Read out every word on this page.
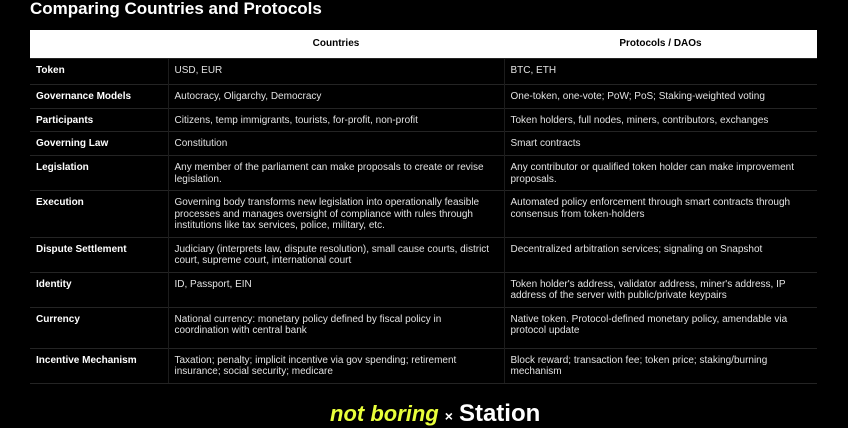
Comparing Countries and Protocols
	Countries	Protocols / DAOs
Token	USD, EUR	BTC, ETH
Governance Models	Autocracy, Oligarchy, Democracy	One-token, one-vote; PoW; PoS; Staking-weighted voting
Participants	Citizens, temp immigrants, tourists, for-profit, non-profit	Token holders, full nodes, miners, contributors, exchanges
Governing Law	Constitution	Smart contracts
Legislation	Any member of the parliament can make proposals to create or revise legislation.	Any contributor or qualified token holder can make improvement proposals.
Execution	Governing body transforms new legislation into operationally feasible processes and manages oversight of compliance with rules through institutions like tax services, police, military, etc.	Automated policy enforcement through smart contracts through consensus from token-holders
Dispute Settlement	Judiciary (interprets law, dispute resolution), small cause courts, district court, supreme court, international court	Decentralized arbitration services; signaling on Snapshot
Identity	ID, Passport, EIN	Token holder's address, validator address, miner's address, IP address of the server with public/private keypairs
Currency	National currency: monetary policy defined by fiscal policy in coordination with central bank	Native token. Protocol-defined monetary policy, amendable via protocol update
Incentive Mechanism	Taxation; penalty; implicit incentive via gov spending; retirement insurance; social security; medicare	Block reward; transaction fee; token price; staking/burning mechanism
not boring × Station
